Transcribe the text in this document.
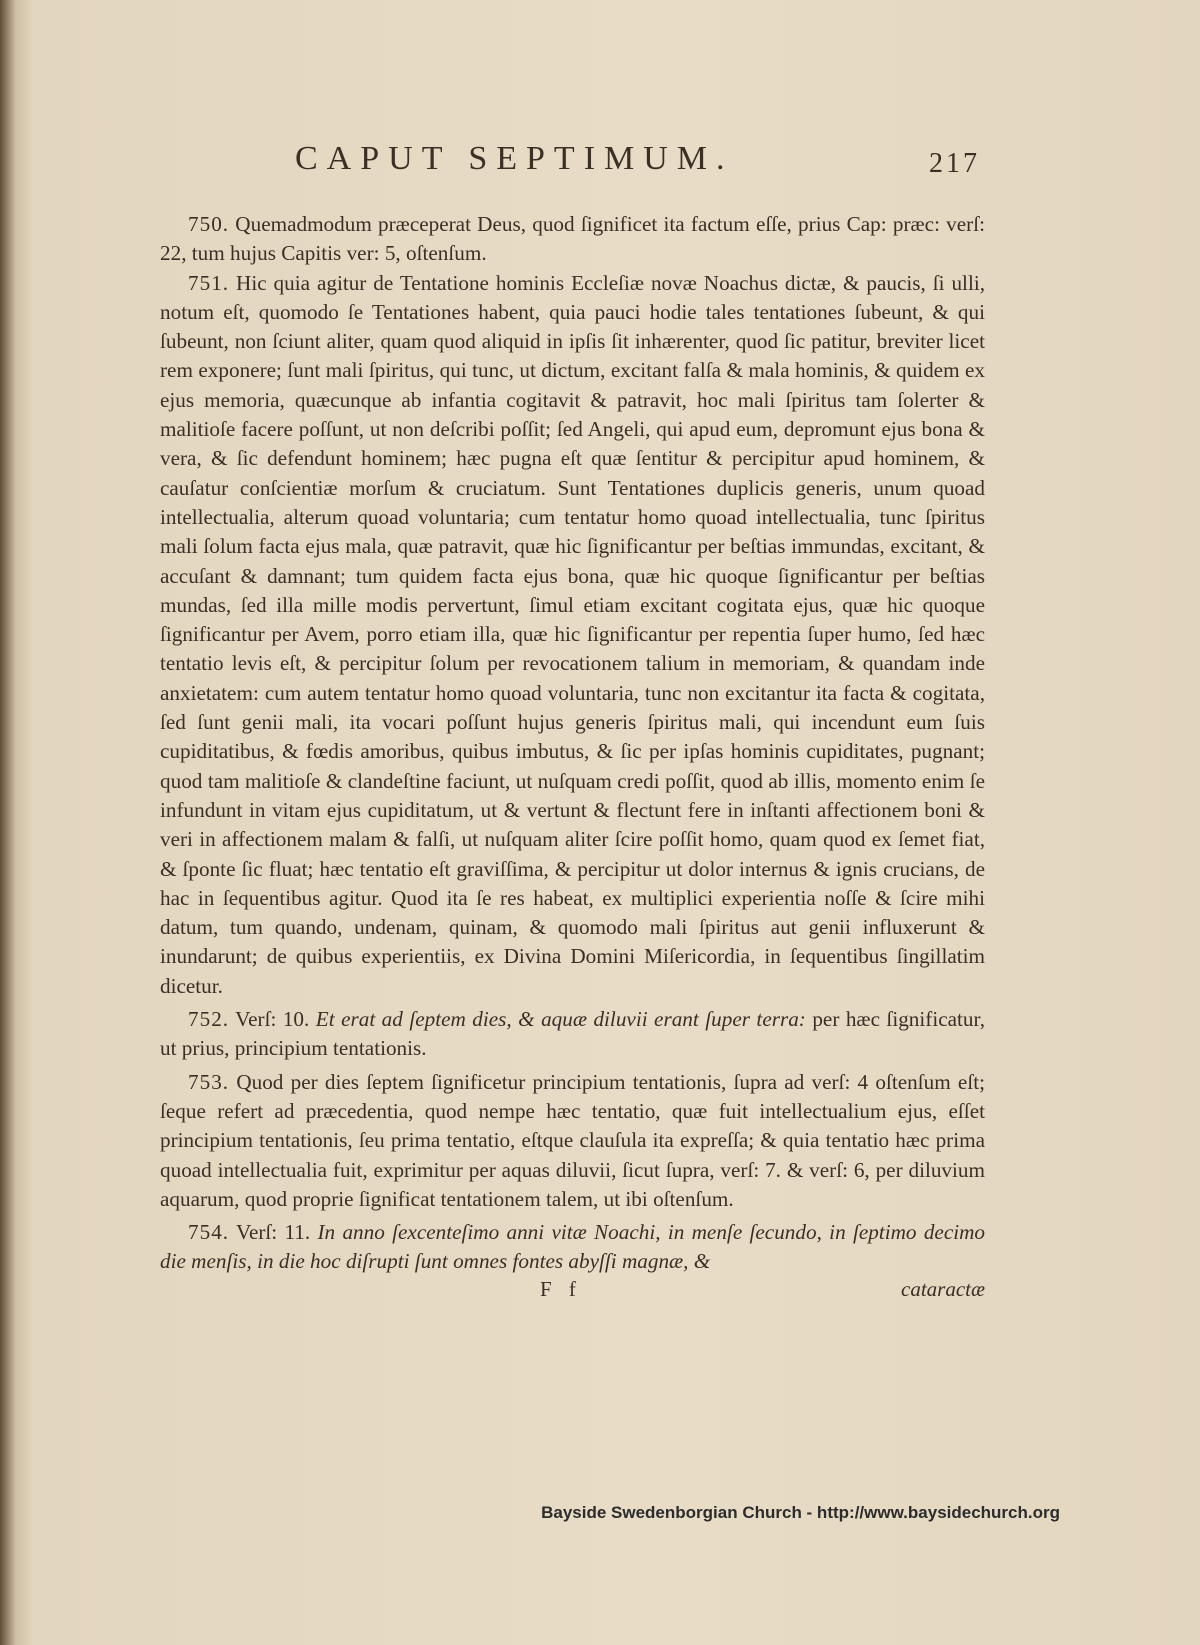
CAPUT SEPTIMUM.	217

750. Quemadmodum præceperat Deus, quod ſignificet ita factum eſſe, prius Cap: præc: verſ: 22, tum hujus Capitis ver: 5, oſtenſum.

751. Hic quia agitur de Tentatione hominis Eccleſiæ novæ Noachus dictæ, & paucis, ſi ulli, notum eſt, quomodo ſe Tentationes habent, quia pauci hodie tales tentationes ſubeunt, & qui ſubeunt, non ſciunt aliter, quam quod aliquid in ipſis ſit inhærenter, quod ſic patitur, breviter licet rem exponere; ſunt mali ſpiritus, qui tunc, ut dictum, excitant falſa & mala hominis, & quidem ex ejus memoria, quæcunque ab infantia cogitavit & patravit, hoc mali ſpiritus tam ſolerter & malitioſe facere poſſunt, ut non deſcribi poſſit; ſed Angeli, qui apud eum, depromunt ejus bona & vera, & ſic defendunt hominem; hæc pugna eſt quæ ſentitur & percipitur apud hominem, & cauſatur conſcientiæ morſum & cruciatum. Sunt Tentationes duplicis generis, unum quoad intellectualia, alterum quoad voluntaria; cum tentatur homo quoad intellectualia, tunc ſpiritus mali ſolum facta ejus mala, quæ patravit, quæ hic ſignificantur per beſtias immundas, excitant, & accuſant & damnant; tum quidem facta ejus bona, quæ hic quoque ſignificantur per beſtias mundas, ſed illa mille modis pervertunt, ſimul etiam excitant cogitata ejus, quæ hic quoque ſignificantur per Avem, porro etiam illa, quæ hic ſignificantur per repentia ſuper humo, ſed hæc tentatio levis eſt, & percipitur ſolum per revocationem talium in memoriam, & quandam inde anxietatem: cum autem tentatur homo quoad voluntaria, tunc non excitantur ita facta & cogitata, ſed ſunt genii mali, ita vocari poſſunt hujus generis ſpiritus mali, qui incendunt eum ſuis cupiditatibus, & fœdis amoribus, quibus imbutus, & ſic per ipſas hominis cupiditates, pugnant; quod tam malitioſe & clandeſtine faciunt, ut nuſquam credi poſſit, quod ab illis, momento enim ſe infundunt in vitam ejus cupiditatum, ut & vertunt & flectunt fere in inſtanti affectionem boni & veri in affectionem malam & falſi, ut nuſquam aliter ſcire poſſit homo, quam quod ex ſemet fiat, & ſponte ſic fluat; hæc tentatio eſt graviſſima, & percipitur ut dolor internus & ignis crucians, de hac in ſequentibus agitur. Quod ita ſe res habeat, ex multiplici experientia noſſe & ſcire mihi datum, tum quando, undenam, quinam, & quomodo mali ſpiritus aut genii influxerunt & inundarunt; de quibus experientiis, ex Divina Domini Miſericordia, in ſequentibus ſingillatim dicetur.

752. Verſ: 10. Et erat ad ſeptem dies, & aquæ diluvii erant ſuper terra: per hæc ſignificatur, ut prius, principium tentationis.

753. Quod per dies ſeptem ſignificetur principium tentationis, ſupra ad verſ: 4 oſtenſum eſt; ſeque refert ad præcedentia, quod nempe hæc tentatio, quæ fuit intellectualium ejus, eſſet principium tentationis, ſeu prima tentatio, eſtque clauſula ita expreſſa; & quia tentatio hæc prima quoad intellectualia fuit, exprimitur per aquas diluvii, ſicut ſupra, verſ: 7. & verſ: 6, per diluvium aquarum, quod proprie ſignificat tentationem talem, ut ibi oſtenſum.

754. Verſ: 11. In anno ſexcenteſimo anni vitæ Noachi, in menſe ſecundo, in ſeptimo decimo die menſis, in die hoc diſrupti ſunt omnes fontes abyſſi magnæ, &

F f	cataractæ
Bayside Swedenborgian Church - http://www.baysidechurch.org
